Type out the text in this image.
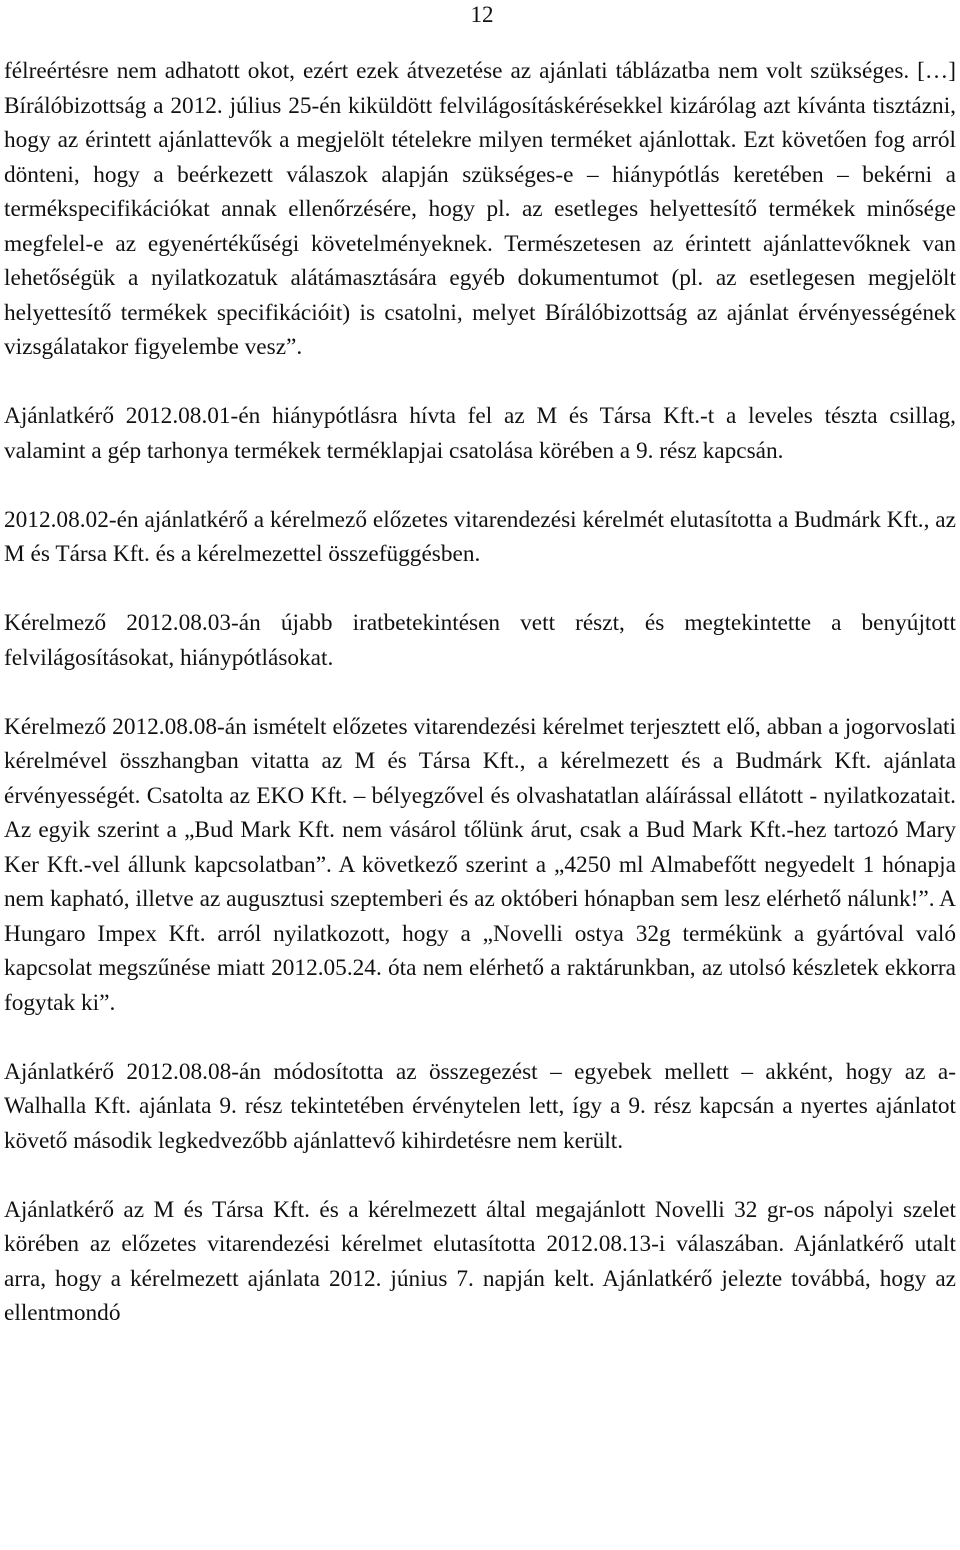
12

félreértésre nem adhatott okot, ezért ezek átvezetése az ajánlati táblázatba nem volt szükséges. […] Bírálóbizottság a 2012. július 25-én kiküldött felvilágosításkérésekkel kizárólag azt kívánta tisztázni, hogy az érintett ajánlattevők a megjelölt tételekre milyen terméket ajánlottak. Ezt követően fog arról dönteni, hogy a beérkezett válaszok alapján szükséges-e – hiánypótlás keretében – bekérni a termékspecifikációkat annak ellenőrzésére, hogy pl. az esetleges helyettesítő termékek minősége megfelel-e az egyenértékűségi követelményeknek. Természetesen az érintett ajánlattevőknek van lehetőségük a nyilatkozatuk alátámasztására egyéb dokumentumot (pl. az esetlegesen megjelölt helyettesítő termékek specifikációit) is csatolni, melyet Bírálóbizottság az ajánlat érvényességének vizsgálatakor figyelembe vesz”.

Ajánlatkérő 2012.08.01-én hiánypótlásra hívta fel az M és Társa Kft.-t a leveles tészta csillag, valamint a gép tarhonya termékek terméklapjai csatolása körében a 9. rész kapcsán.

2012.08.02-én ajánlatkérő a kérelmező előzetes vitarendezési kérelmét elutasította a Budmárk Kft., az M és Társa Kft. és a kérelmezettel összefüggésben.

Kérelmező 2012.08.03-án újabb iratbetekintésen vett részt, és megtekintette a benyújtott felvilágosításokat, hiánypótlásokat.

Kérelmező 2012.08.08-án ismételt előzetes vitarendezési kérelmet terjesztett elő, abban a jogorvoslati kérelmével összhangban vitatta az M és Társa Kft., a kérelmezett és a Budmárk Kft. ajánlata érvényességét. Csatolta az EKO Kft. – bélyegzővel és olvashatatlan aláírással ellátott - nyilatkozatait. Az egyik szerint a „Bud Mark Kft. nem vásárol tőlünk árut, csak a Bud Mark Kft.-hez tartozó Mary Ker Kft.-vel állunk kapcsolatban”. A következő szerint a „4250 ml Almabefőtt negyedelt 1 hónapja nem kapható, illetve az augusztusi szeptemberi és az októberi hónapban sem lesz elérhető nálunk!”. A Hungaro Impex Kft. arról nyilatkozott, hogy a „Novelli ostya 32g termékünk a gyártóval való kapcsolat megszűnése miatt 2012.05.24. óta nem elérhető a raktárunkban, az utolsó készletek ekkorra fogytak ki”.

Ajánlatkérő 2012.08.08-án módosította az összegezést – egyebek mellett – akként, hogy az a-Walhalla Kft. ajánlata 9. rész tekintetében érvénytelen lett, így a 9. rész kapcsán a nyertes ajánlatot követő második legkedvezőbb ajánlattevő kihirdetésre nem került.

Ajánlatkérő az M és Társa Kft. és a kérelmezett által megajánlott Novelli 32 gr-os nápolyi szelet körében az előzetes vitarendezési kérelmet elutasította 2012.08.13-i válaszában. Ajánlatkérő utalt arra, hogy a kérelmezett ajánlata 2012. június 7. napján kelt. Ajánlatkérő jelezte továbbá, hogy az ellentmondó
